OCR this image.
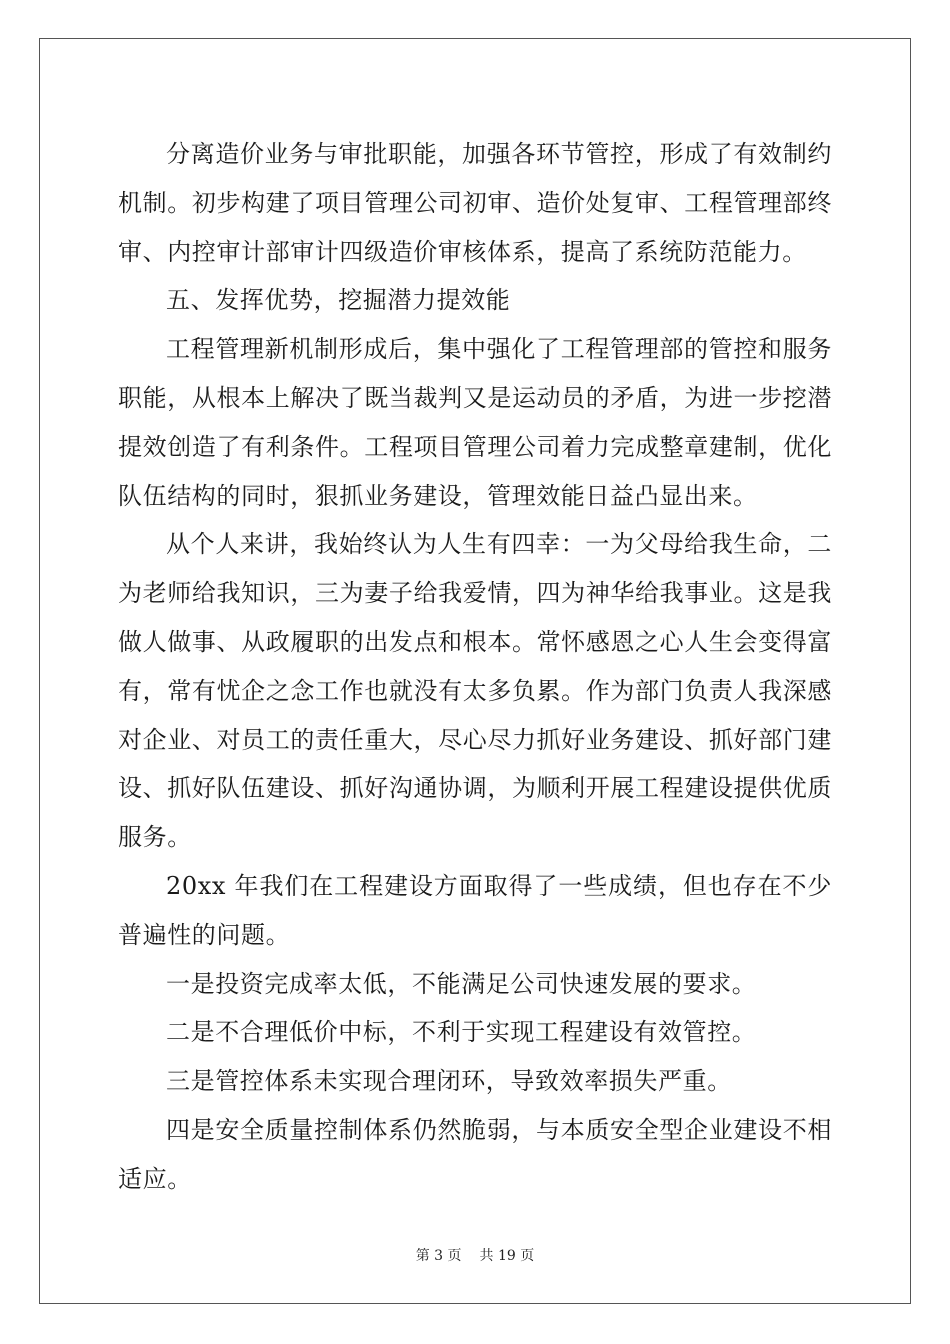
分离造价业务与审批职能，加强各环节管控，形成了有效制约机制。初步构建了项目管理公司初审、造价处复审、工程管理部终审、内控审计部审计四级造价审核体系，提高了系统防范能力。

五、发挥优势，挖掘潜力提效能

工程管理新机制形成后，集中强化了工程管理部的管控和服务职能，从根本上解决了既当裁判又是运动员的矛盾，为进一步挖潜提效创造了有利条件。工程项目管理公司着力完成整章建制，优化队伍结构的同时，狠抓业务建设，管理效能日益凸显出来。

从个人来讲，我始终认为人生有四幸：一为父母给我生命，二为老师给我知识，三为妻子给我爱情，四为神华给我事业。这是我做人做事、从政履职的出发点和根本。常怀感恩之心人生会变得富有，常有忧企之念工作也就没有太多负累。作为部门负责人我深感对企业、对员工的责任重大，尽心尽力抓好业务建设、抓好部门建设、抓好队伍建设、抓好沟通协调，为顺利开展工程建设提供优质服务。

20xx 年我们在工程建设方面取得了一些成绩，但也存在不少普遍性的问题。

一是投资完成率太低，不能满足公司快速发展的要求。

二是不合理低价中标，不利于实现工程建设有效管控。

三是管控体系未实现合理闭环，导致效率损失严重。

四是安全质量控制体系仍然脆弱，与本质安全型企业建设不相适应。

第 3 页 共 19 页
